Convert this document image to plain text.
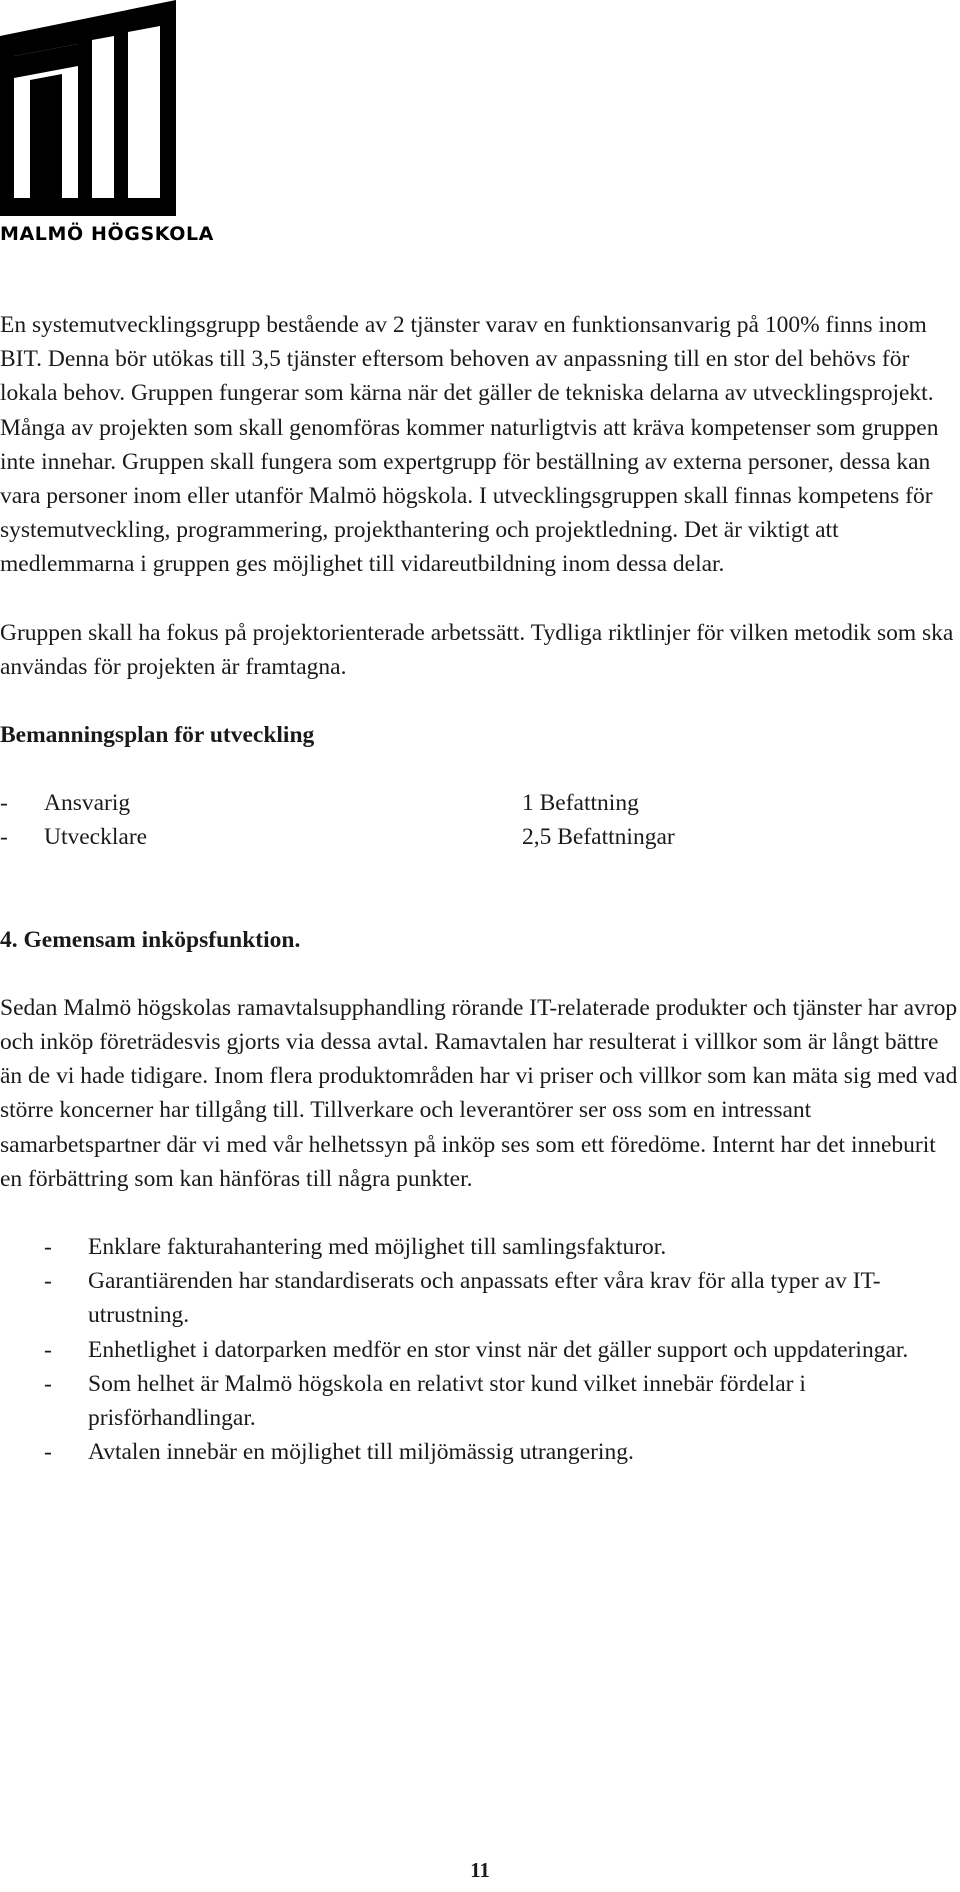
MALMÖ HÖGSKOLA

En systemutvecklingsgrupp bestående av 2 tjänster varav en funktionsanvarig på 100% finns inom BIT. Denna bör utökas till 3,5 tjänster eftersom behoven av anpassning till en stor del behövs för lokala behov. Gruppen fungerar som kärna när det gäller de tekniska delarna av utvecklingsprojekt. Många av projekten som skall genomföras kommer naturligtvis att kräva kompetenser som gruppen inte innehar. Gruppen skall fungera som expertgrupp för beställning av externa personer, dessa kan vara personer inom eller utanför Malmö högskola. I utvecklingsgruppen skall finnas kompetens för systemutveckling, programmering, projekthantering och projektledning. Det är viktigt att medlemmarna i gruppen ges möjlighet till vidareutbildning inom dessa delar.

Gruppen skall ha fokus på projektorienterade arbetssätt. Tydliga riktlinjer för vilken metodik som ska användas för projekten är framtagna.

Bemanningsplan för utveckling

-	Ansvarig	1 Befattning
-	Utvecklare	2,5 Befattningar

4. Gemensam inköpsfunktion.

Sedan Malmö högskolas ramavtalsupphandling rörande IT-relaterade produkter och tjänster har avrop och inköp företrädesvis gjorts via dessa avtal. Ramavtalen har resulterat i villkor som är långt bättre än de vi hade tidigare. Inom flera produktområden har vi priser och villkor som kan mäta sig med vad större koncerner har tillgång till. Tillverkare och leverantörer ser oss som en intressant samarbetspartner där vi med vår helhetssyn på inköp ses som ett föredöme. Internt har det inneburit en förbättring som kan hänföras till några punkter.

- Enklare fakturahantering med möjlighet till samlingsfakturor.
- Garantiärenden har standardiserats och anpassats efter våra krav för alla typer av IT-utrustning.
- Enhetlighet i datorparken medför en stor vinst när det gäller support och uppdateringar.
- Som helhet är Malmö högskola en relativt stor kund vilket innebär fördelar i prisförhandlingar.
- Avtalen innebär en möjlighet till miljömässig utrangering.
11
